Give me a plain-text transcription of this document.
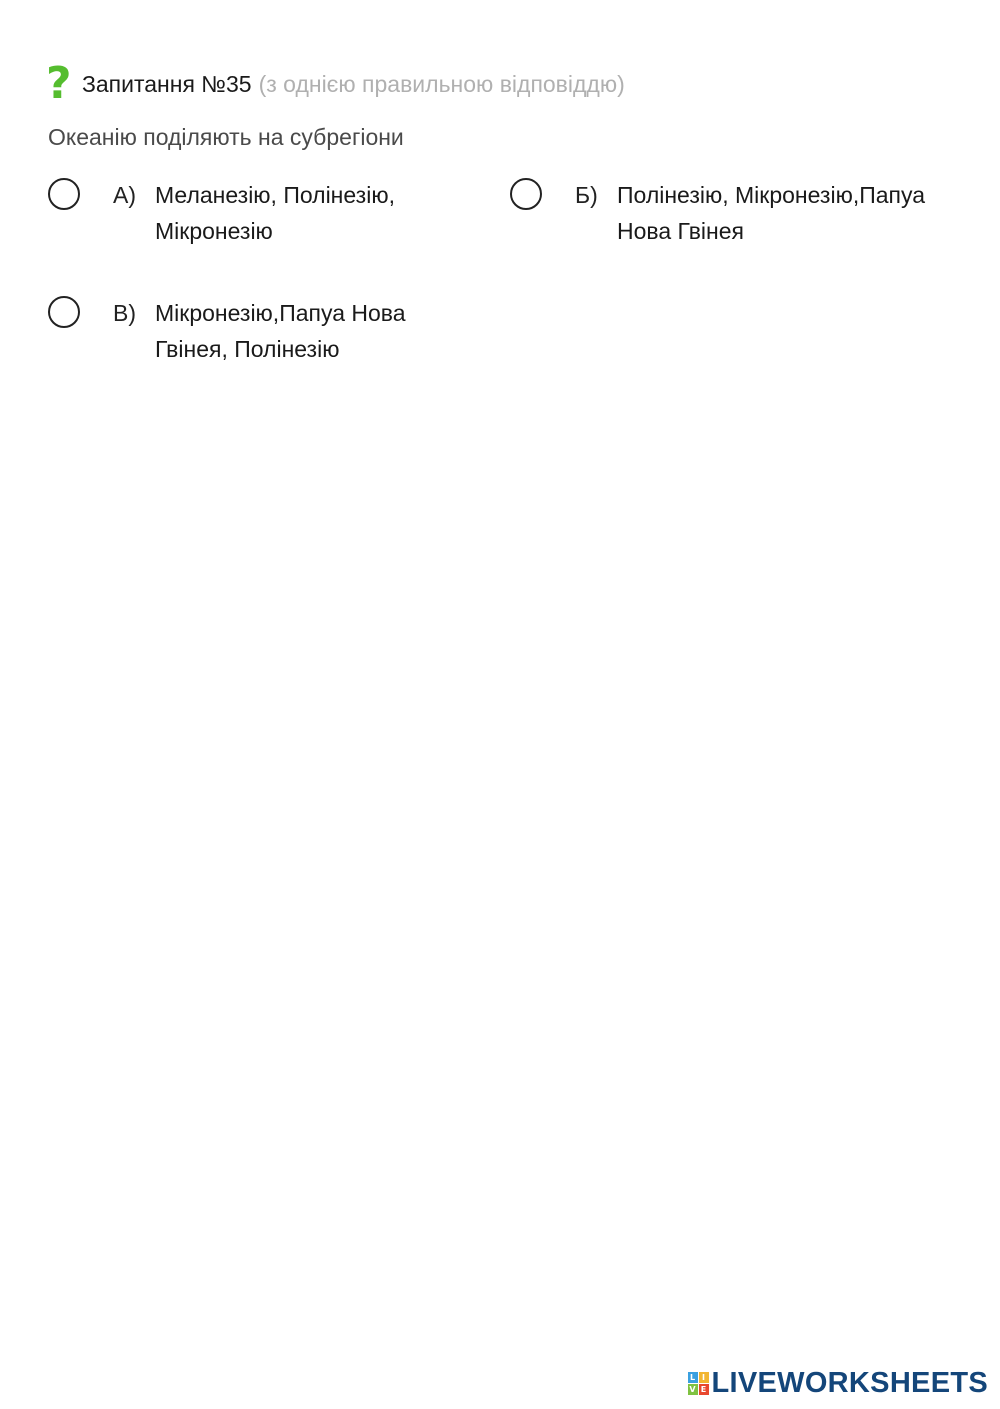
? Запитання №35 (з однією правильною відповіддю)
Океанію поділяють на субрегіони
А) Меланезію, Полінезію, Мікронезію
Б) Полінезію, Мікронезію,Папуа Нова Гвінея
В) Мікронезію,Папуа Нова Гвінея, Полінезію
L I
V E LIVEWORKSHEETS
